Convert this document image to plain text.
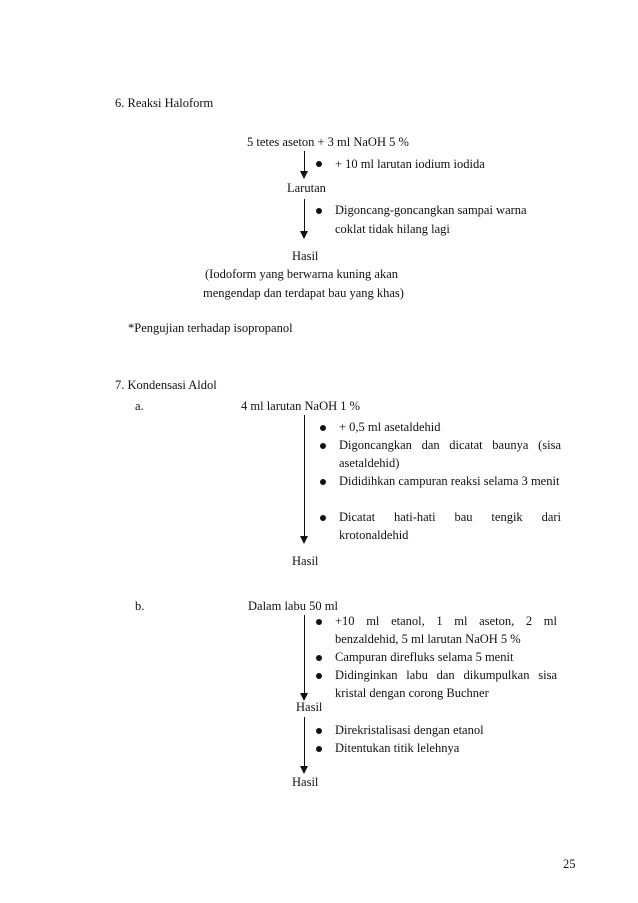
6. Reaksi Haloform
5 tetes aseton + 3 ml NaOH 5 %
+ 10 ml larutan iodium iodida
Larutan
Digoncang-goncangkan sampai warna
coklat tidak hilang lagi
Hasil
(Iodoform yang berwarna kuning akan
mengendap dan terdapat bau yang khas)
*Pengujian terhadap isopropanol
7. Kondensasi Aldol
a.	4 ml larutan NaOH 1 %
+ 0,5 ml asetaldehid
Digoncangkan dan dicatat baunya (sisa asetaldehid)
Dididihkan campuran reaksi selama 3 menit
Dicatat hati-hati bau tengik dari krotonaldehid
Hasil
b.	Dalam labu 50 ml
+10 ml etanol, 1 ml aseton, 2 ml benzaldehid, 5 ml larutan NaOH 5 %
Campuran direfluks selama 5 menit
Didinginkan labu dan dikumpulkan sisa kristal dengan corong Buchner
Hasil
Direkristalisasi dengan etanol
Ditentukan titik lelehnya
Hasil
25
